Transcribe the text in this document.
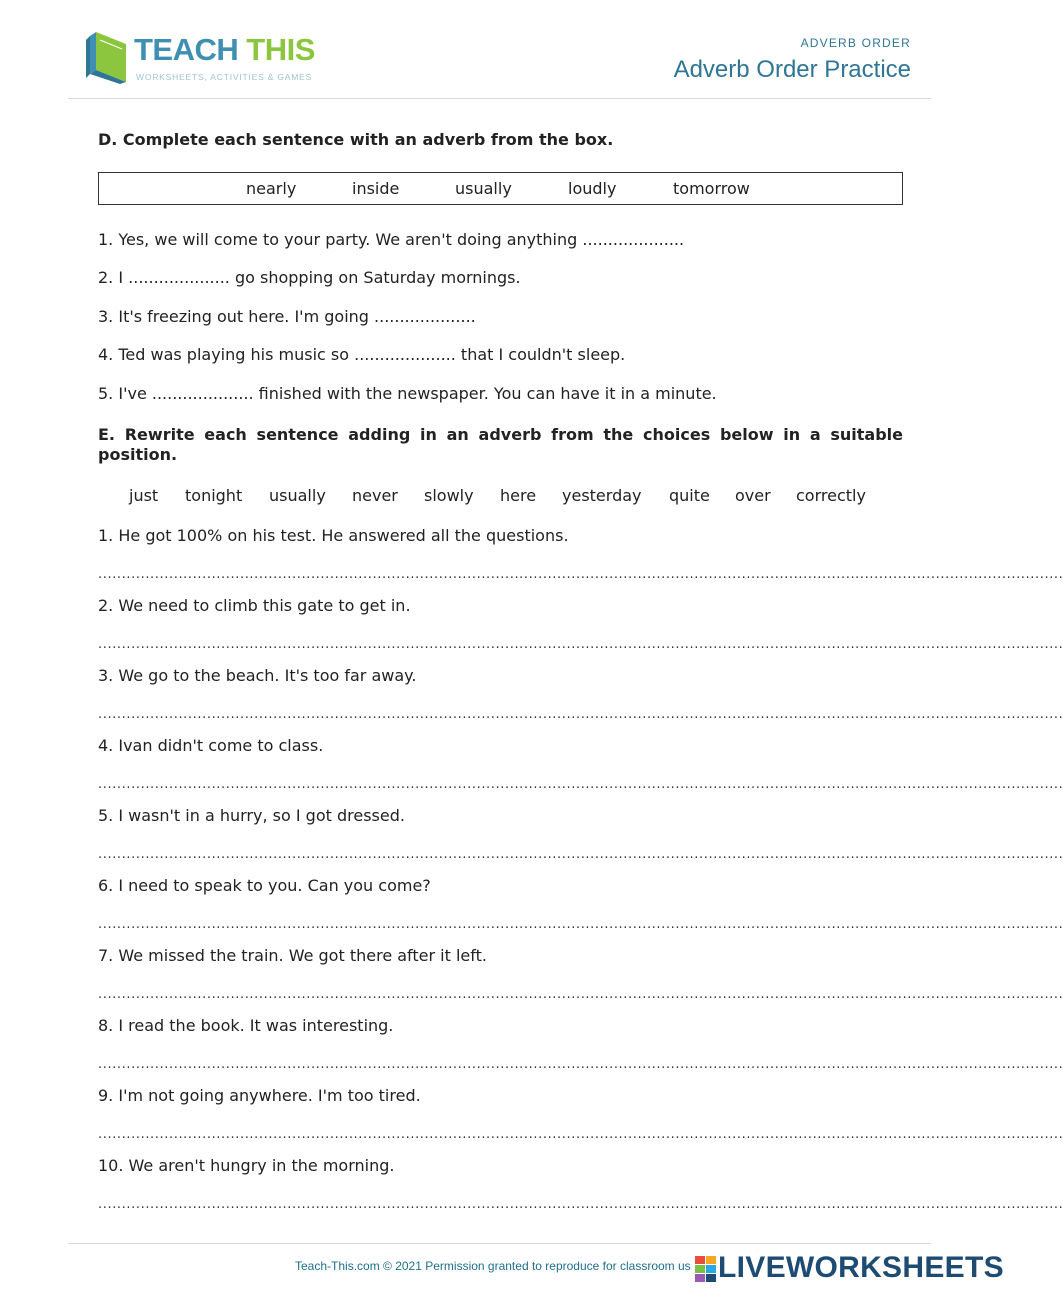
TEACH THIS
WORKSHEETS, ACTIVITIES & GAMES
ADVERB ORDER
Adverb Order Practice
D. Complete each sentence with an adverb from the box.
nearly	inside	usually	loudly	tomorrow
1. Yes, we will come to your party. We aren't doing anything ....................
2. I .................... go shopping on Saturday mornings.
3. It's freezing out here. I'm going ....................
4. Ted was playing his music so .................... that I couldn't sleep.
5. I've .................... finished with the newspaper. You can have it in a minute.
E. Rewrite each sentence adding in an adverb from the choices below in a suitable position.
just tonight usually never slowly here yesterday quite over correctly
1. He got 100% on his test. He answered all the questions.
............................................................................................................................................................................................................
2. We need to climb this gate to get in.
............................................................................................................................................................................................................
3. We go to the beach. It's too far away.
............................................................................................................................................................................................................
4. Ivan didn't come to class.
............................................................................................................................................................................................................
5. I wasn't in a hurry, so I got dressed.
............................................................................................................................................................................................................
6. I need to speak to you. Can you come?
............................................................................................................................................................................................................
7. We missed the train. We got there after it left.
............................................................................................................................................................................................................
8. I read the book. It was interesting.
............................................................................................................................................................................................................
9. I'm not going anywhere. I'm too tired.
............................................................................................................................................................................................................
10. We aren't hungry in the morning.
............................................................................................................................................................................................................
Teach-This.com © 2021 Permission granted to reproduce for classroom us LIVEWORKSHEETS
